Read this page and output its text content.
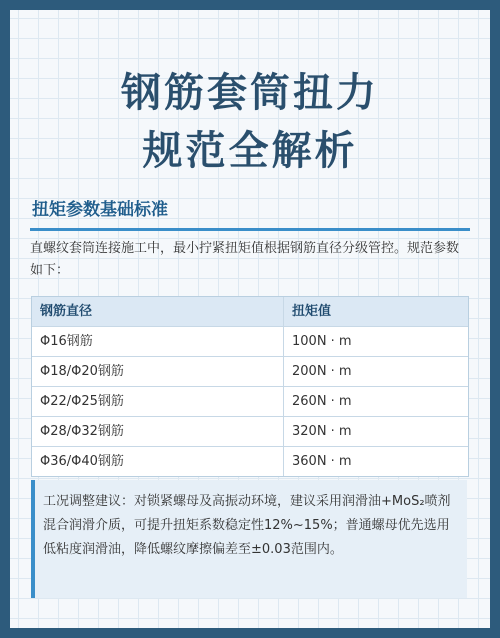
钢筋套筒扭力
规范全解析
扭矩参数基础标准
直螺纹套筒连接施工中，最小拧紧扭矩值根据钢筋直径分级管控。规范参数如下：
钢筋直径	扭矩值
Φ16钢筋	100N · m
Φ18/Φ20钢筋	200N · m
Φ22/Φ25钢筋	260N · m
Φ28/Φ32钢筋	320N · m
Φ36/Φ40钢筋	360N · m
工况调整建议：对锁紧螺母及高振动环境，建议采用润滑油+MoS₂喷剂混合润滑介质，可提升扭矩系数稳定性12%~15%；普通螺母优先选用低粘度润滑油，降低螺纹摩擦偏差至±0.03范围内。
